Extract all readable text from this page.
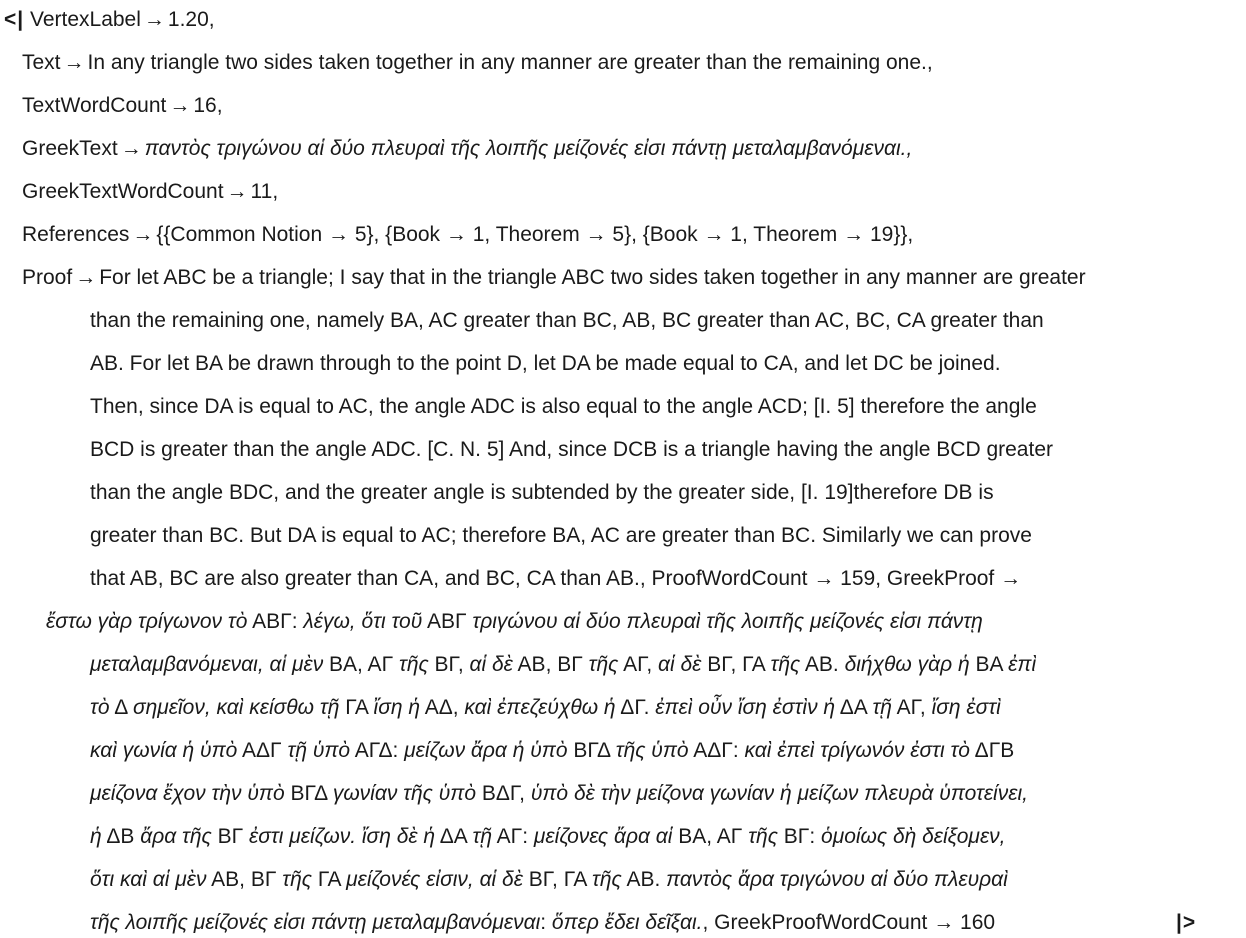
<| VertexLabel → 1.20,
Text → In any triangle two sides taken together in any manner are greater than the remaining one.,
TextWordCount → 16,
GreekText → παντὸς τριγώνου αἱ δύο πλευραὶ τῆς λοιπῆς μείζονές εἰσι πάντῃ μεταλαμβανόμεναι.,
GreekTextWordCount → 11,
References → {{Common Notion → 5}, {Book → 1, Theorem → 5}, {Book → 1, Theorem → 19}},
Proof → For let ABC be a triangle; I say that in the triangle ABC two sides taken together in any manner are greater
than the remaining one, namely BA, AC greater than BC, AB, BC greater than AC, BC, CA greater than
AB. For let BA be drawn through to the point D, let DA be made equal to CA, and let DC be joined.
Then, since DA is equal to AC, the angle ADC is also equal to the angle ACD; [I. 5] therefore the angle
BCD is greater than the angle ADC. [C. N. 5] And, since DCB is a triangle having the angle BCD greater
than the angle BDC, and the greater angle is subtended by the greater side, [I. 19]therefore DB is
greater than BC. But DA is equal to AC; therefore BA, AC are greater than BC. Similarly we can prove
that AB, BC are also greater than CA, and BC, CA than AB., ProofWordCount → 159, GreekProof →
ἔστω γὰρ τρίγωνον τὸ ΑΒΓ: λέγω, ὅτι τοῦ ΑΒΓ τριγώνου αἱ δύο πλευραὶ τῆς λοιπῆς μείζονές εἰσι πάντῃ
μεταλαμβανόμεναι, αἱ μὲν ΒΑ, ΑΓ τῆς ΒΓ, αἱ δὲ ΑΒ, ΒΓ τῆς ΑΓ, αἱ δὲ ΒΓ, ΓΑ τῆς ΑΒ. διήχθω γὰρ ἡ ΒΑ ἐπὶ
τὸ Δ σημεῖον, καὶ κείσθω τῇ ΓΑ ἴση ἡ ΑΔ, καὶ ἐπεζεύχθω ἡ ΔΓ. ἐπεὶ οὖν ἴση ἐστὶν ἡ ΔΑ τῇ ΑΓ, ἴση ἐστὶ
καὶ γωνία ἡ ὑπὸ ΑΔΓ τῇ ὑπὸ ΑΓΔ: μείζων ἄρα ἡ ὑπὸ ΒΓΔ τῆς ὑπὸ ΑΔΓ: καὶ ἐπεὶ τρίγωνόν ἐστι τὸ ΔΓΒ
μείζονα ἔχον τὴν ὑπὸ ΒΓΔ γωνίαν τῆς ὑπὸ ΒΔΓ, ὑπὸ δὲ τὴν μείζονα γωνίαν ἡ μείζων πλευρὰ ὑποτείνει,
ἡ ΔΒ ἄρα τῆς ΒΓ ἐστι μείζων. ἴση δὲ ἡ ΔΑ τῇ ΑΓ: μείζονες ἄρα αἱ ΒΑ, ΑΓ τῆς ΒΓ: ὁμοίως δὴ δείξομεν,
ὅτι καὶ αἱ μὲν ΑΒ, ΒΓ τῆς ΓΑ μείζονές εἰσιν, αἱ δὲ ΒΓ, ΓΑ τῆς ΑΒ. παντὸς ἄρα τριγώνου αἱ δύο πλευραὶ
τῆς λοιπῆς μείζονές εἰσι πάντῃ μεταλαμβανόμεναι: ὅπερ ἔδει δεῖξαι., GreekProofWordCount → 160	|>
